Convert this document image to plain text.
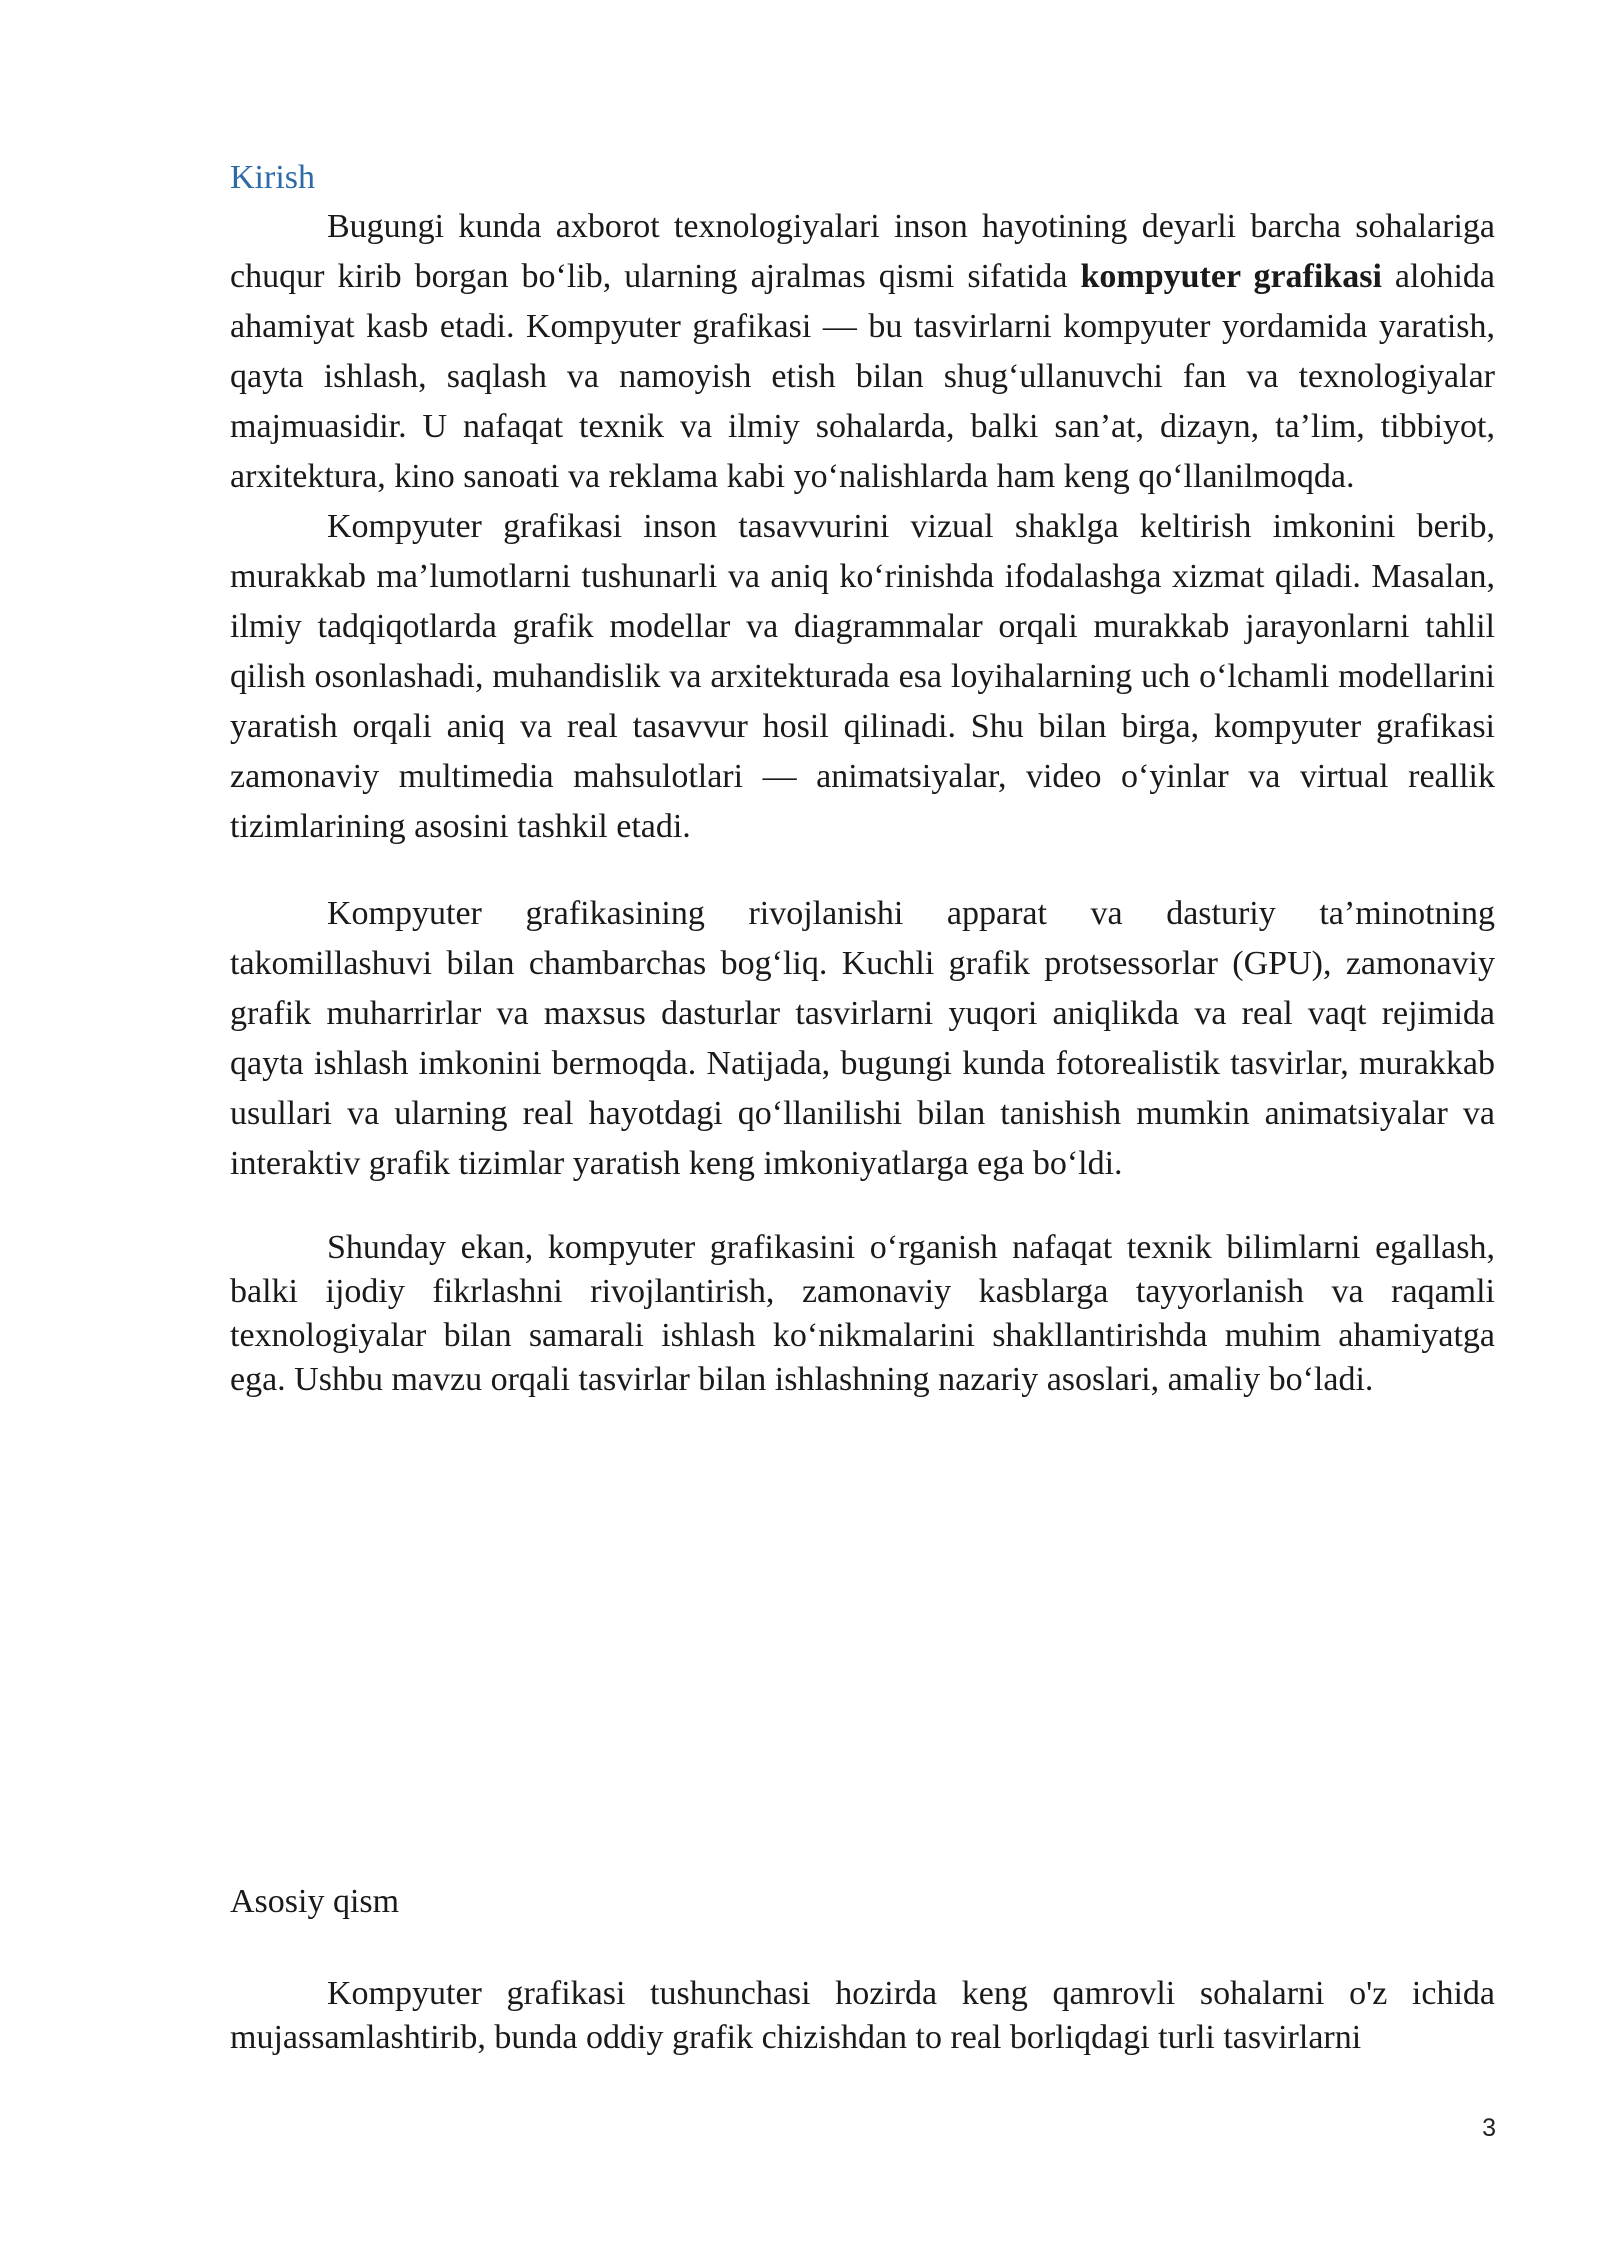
Kirish

Bugungi kunda axborot texnologiyalari inson hayotining deyarli barcha sohalariga chuqur kirib borgan bo‘lib, ularning ajralmas qismi sifatida kompyuter grafikasi alohida ahamiyat kasb etadi. Kompyuter grafikasi — bu tasvirlarni kompyuter yordamida yaratish, qayta ishlash, saqlash va namoyish etish bilan shug‘ullanuvchi fan va texnologiyalar majmuasidir. U nafaqat texnik va ilmiy sohalarda, balki san’at, dizayn, ta’lim, tibbiyot, arxitektura, kino sanoati va reklama kabi yo‘nalishlarda ham keng qo‘llanilmoqda.

Kompyuter grafikasi inson tasavvurini vizual shaklga keltirish imkonini berib, murakkab ma’lumotlarni tushunarli va aniq ko‘rinishda ifodalashga xizmat qiladi. Masalan, ilmiy tadqiqotlarda grafik modellar va diagrammalar orqali murakkab jarayonlarni tahlil qilish osonlashadi, muhandislik va arxitekturada esa loyihalarning uch o‘lchamli modellarini yaratish orqali aniq va real tasavvur hosil qilinadi. Shu bilan birga, kompyuter grafikasi zamonaviy multimedia mahsulotlari — animatsiyalar, video o‘yinlar va virtual reallik tizimlarining asosini tashkil etadi.

Kompyuter grafikasining rivojlanishi apparat va dasturiy ta’minotning takomillashuvi bilan chambarchas bog‘liq. Kuchli grafik protsessorlar (GPU), zamonaviy grafik muharrirlar va maxsus dasturlar tasvirlarni yuqori aniqlikda va real vaqt rejimida qayta ishlash imkonini bermoqda. Natijada, bugungi kunda fotorealistik tasvirlar, murakkab usullari va ularning real hayotdagi qo‘llanilishi bilan tanishish mumkin animatsiyalar va interaktiv grafik tizimlar yaratish keng imkoniyatlarga ega bo‘ldi.

Shunday ekan, kompyuter grafikasini o‘rganish nafaqat texnik bilimlarni egallash, balki ijodiy fikrlashni rivojlantirish, zamonaviy kasblarga tayyorlanish va raqamli texnologiyalar bilan samarali ishlash ko‘nikmalarini shakllantirishda muhim ahamiyatga ega. Ushbu mavzu orqali tasvirlar bilan ishlashning nazariy asoslari, amaliy bo‘ladi.

Asosiy qism

Kompyuter grafikasi tushunchasi hozirda keng qamrovli sohalarni o'z ichida mujassamlashtirib, bunda oddiy grafik chizishdan to real borliqdagi turli tasvirlarni

3
